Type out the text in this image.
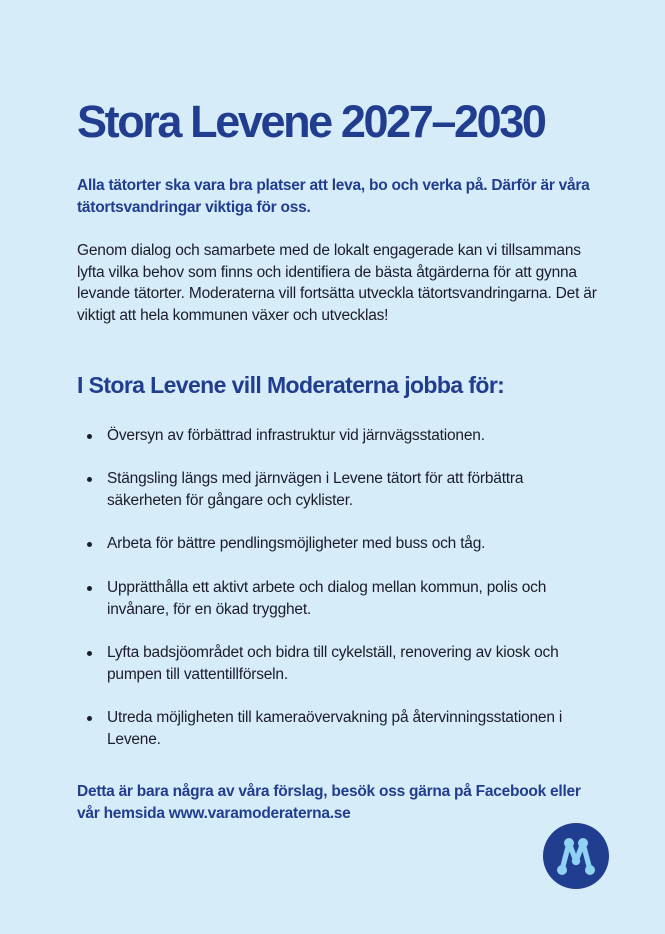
Stora Levene 2027–2030

Alla tätorter ska vara bra platser att leva, bo och verka på. Därför är våra tätortsvandringar viktiga för oss.

Genom dialog och samarbete med de lokalt engagerade kan vi tillsammans lyfta vilka behov som finns och identifiera de bästa åtgärderna för att gynna levande tätorter. Moderaterna vill fortsätta utveckla tätortsvandringarna. Det är viktigt att hela kommunen växer och utvecklas!

I Stora Levene vill Moderaterna jobba för:
Översyn av förbättrad infrastruktur vid järnvägsstationen.
Stängsling längs med järnvägen i Levene tätort för att förbättra säkerheten för gångare och cyklister.
Arbeta för bättre pendlingsmöjligheter med buss och tåg.
Upprätthålla ett aktivt arbete och dialog mellan kommun, polis och invånare, för en ökad trygghet.
Lyfta badsjöområdet och bidra till cykelställ, renovering av kiosk och pumpen till vattentillförseln.
Utreda möjligheten till kameraövervakning på återvinningsstationen i Levene.

Detta är bara några av våra förslag, besök oss gärna på Facebook eller vår hemsida www.varamoderaterna.se
